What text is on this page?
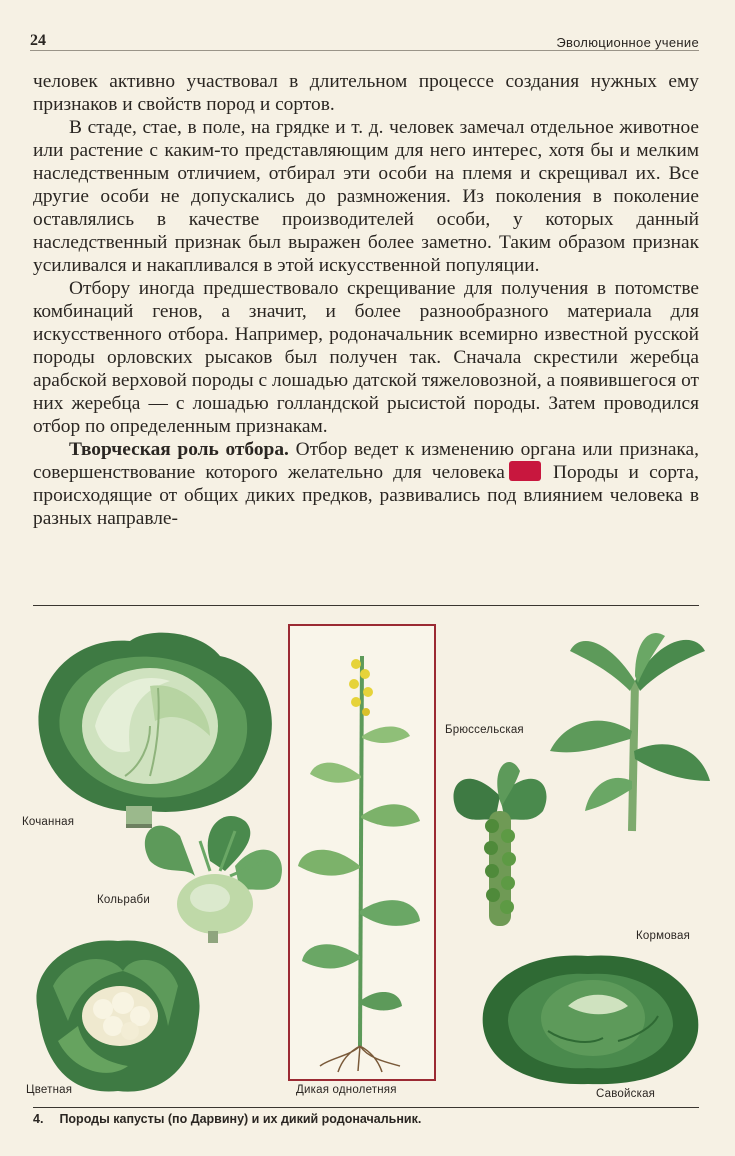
24	Эволюционное учение

человек активно участвовал в длительном процессе создания нужных ему признаков и свойств пород и сортов.

В стаде, стае, в поле, на грядке и т. д. человек замечал отдельное животное или растение с каким-то представляющим для него интерес, хотя бы и мелким наследственным отличием, отбирал эти особи на племя и скрещивал их. Все другие особи не допускались до размножения. Из поколения в поколение оставлялись в качестве производителей особи, у которых данный наследственный признак был выражен более заметно. Таким образом признак усиливался и накапливался в этой искусственной популяции.

Отбору иногда предшествовало скрещивание для получения в потомстве комбинаций генов, а значит, и более разнообразного материала для искусственного отбора. Например, родоначальник всемирно известной русской породы орловских рысаков был получен так. Сначала скрестили жеребца арабской верховой породы с лошадью датской тяжеловозной, а появившегося от них жеребца — с лошадью голландской рысистой породы. Затем проводился отбор по определенным признакам.

Творческая роль отбора. Отбор ведет к изменению органа или признака, совершенствование которого желательно для человека Породы и сорта, происходящие от общих диких предков, развивались под влиянием человека в разных направле-

Кочанная
Кольраби
Брюссельская
Кормовая
Цветная	Дикая однолетняя	Савойская
4. Породы капусты (по Дарвину) и их дикий родоначальник.
